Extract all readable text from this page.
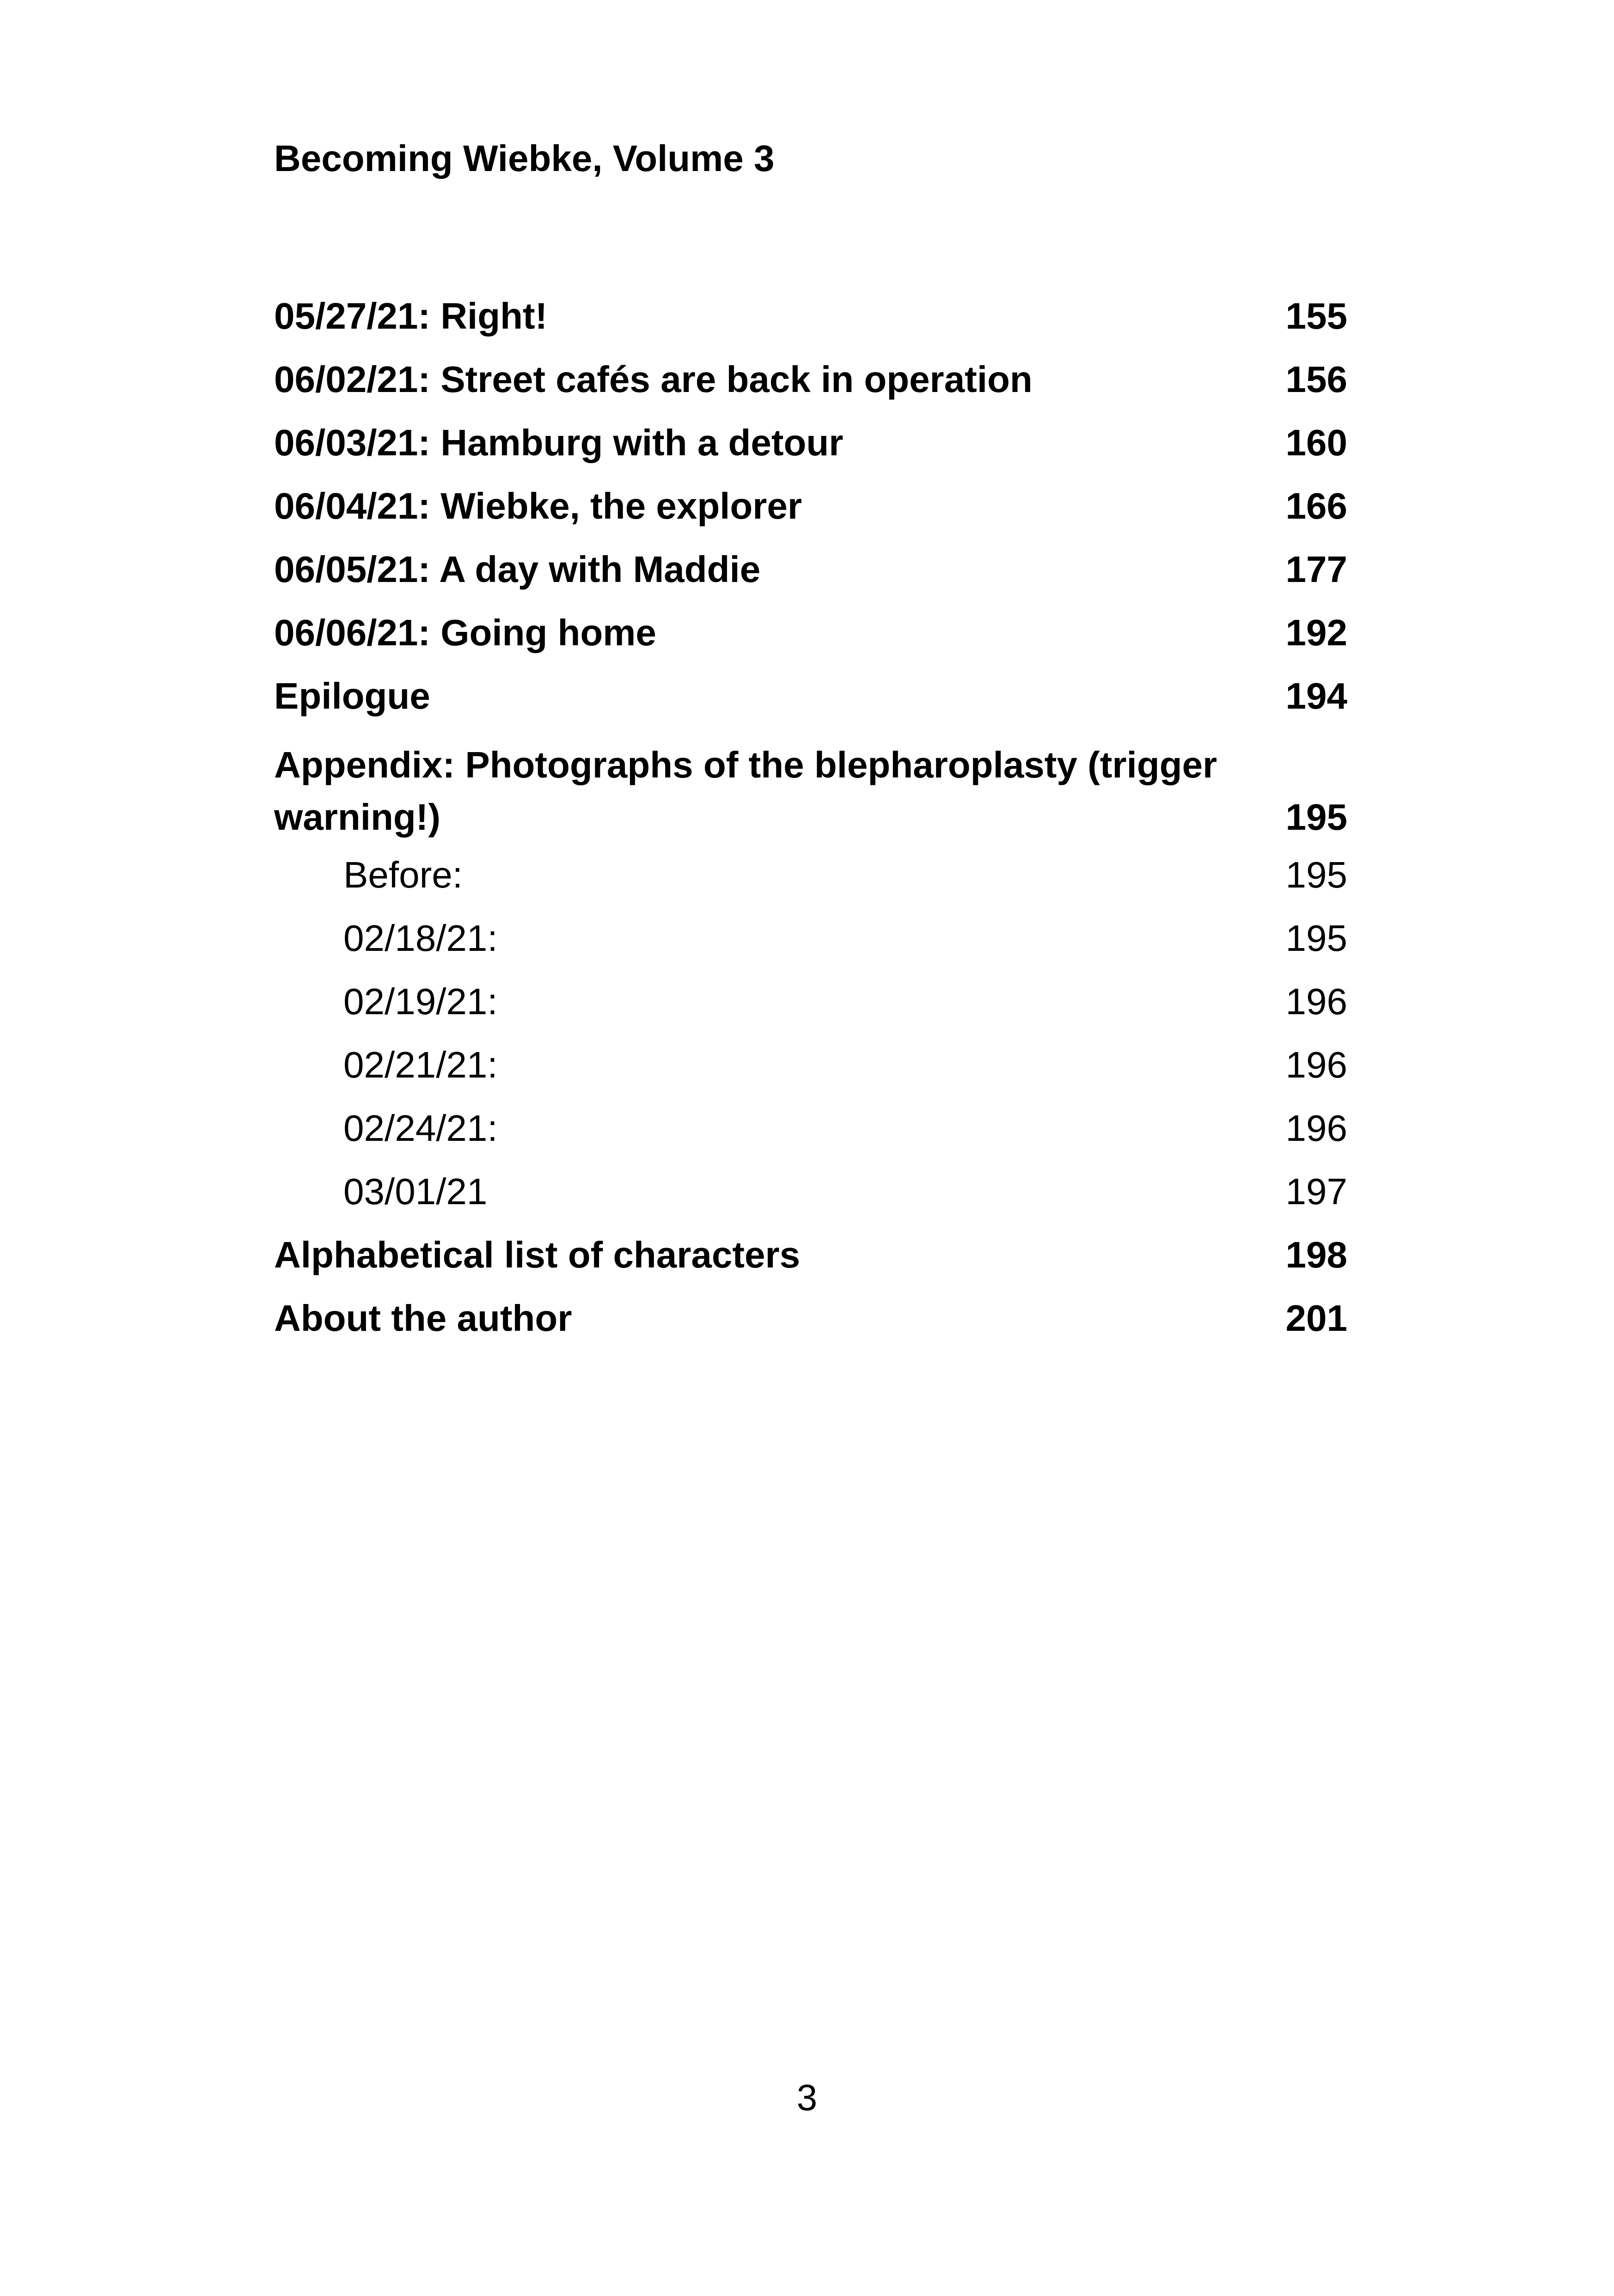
Becoming Wiebke, Volume 3
05/27/21: Right!	155
06/02/21: Street cafés are back in operation	156
06/03/21: Hamburg with a detour	160
06/04/21: Wiebke, the explorer	166
06/05/21: A day with Maddie	177
06/06/21: Going home	192
Epilogue	194
Appendix: Photographs of the blepharoplasty (trigger warning!)	195
Before:	195
02/18/21:	195
02/19/21:	196
02/21/21:	196
02/24/21:	196
03/01/21	197
Alphabetical list of characters	198
About the author	201
3
